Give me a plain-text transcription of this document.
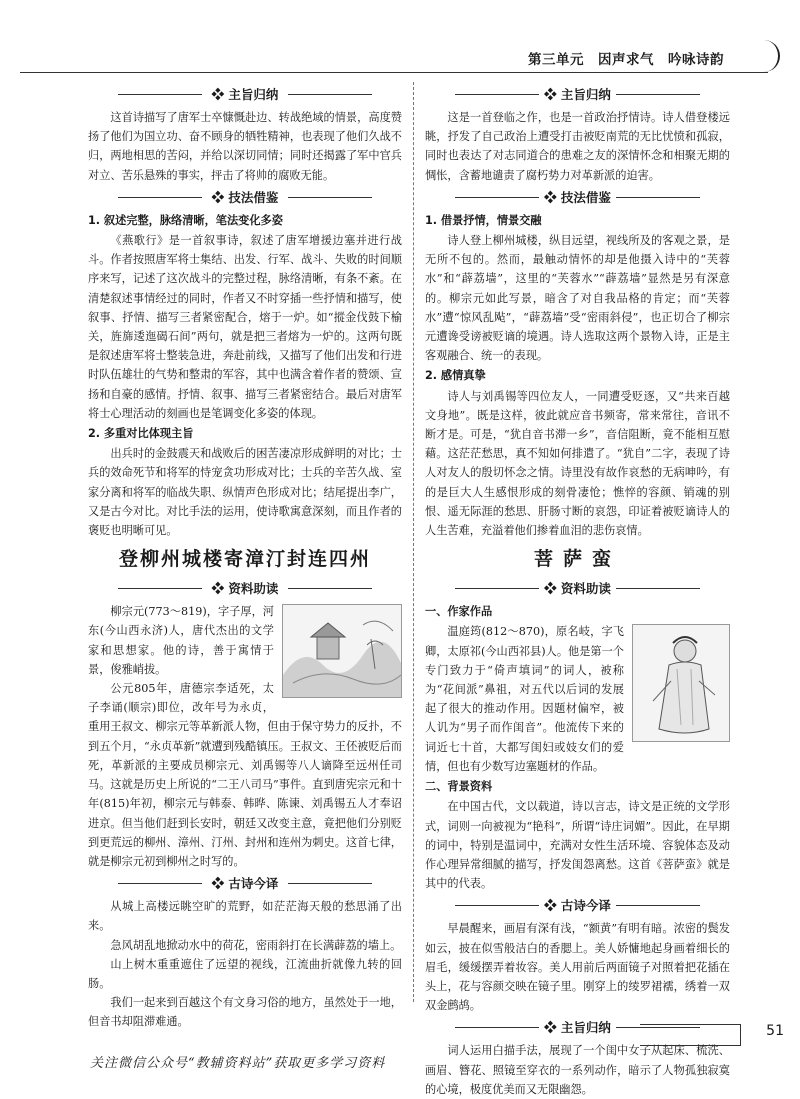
第三单元　因声求气　吟咏诗韵
❖ 主旨归纳

这首诗描写了唐军士卒慷慨赴边、转战绝域的情景，高度赞扬了他们为国立功、奋不顾身的牺牲精神，也表现了他们久战不归，两地相思的苦闷，并给以深切同情；同时还揭露了军中官兵对立、苦乐悬殊的事实，抨击了将帅的腐败无能。

❖ 技法借鉴
1. 叙述完整，脉络清晰，笔法变化多姿

《燕歌行》是一首叙事诗，叙述了唐军增援边塞并进行战斗。作者按照唐军将士集结、出发、行军、战斗、失败的时间顺序来写，记述了这次战斗的完整过程，脉络清晰，有条不紊。在清楚叙述事情经过的同时，作者又不时穿插一些抒情和描写，使叙事、抒情、描写三者紧密配合，熔于一炉。如“摐金伐鼓下榆关，旌旆逶迤碣石间”两句，就是把三者熔为一炉的。这两句既是叙述唐军将士整装急进，奔赴前线，又描写了他们出发和行进时队伍雄壮的气势和整肃的军容，其中也满含着作者的赞颂、宣扬和自豪的感情。抒情、叙事、描写三者紧密结合。最后对唐军将士心理活动的刻画也是笔调变化多姿的体现。

2. 多重对比体现主旨

出兵时的金鼓震天和战败后的困苦凄凉形成鲜明的对比；士兵的效命死节和将军的恃宠贪功形成对比；士兵的辛苦久战、室家分离和将军的临战失职、纵情声色形成对比；结尾提出李广，又是古今对比。对比手法的运用，使诗歌寓意深刻，而且作者的褒贬也明晰可见。

登柳州城楼寄漳汀封连四州
❖ 资料助读

柳宗元(773～819)，字子厚，河东(今山西永济)人，唐代杰出的文学家和思想家。他的诗，善于寓情于景，俊雅峭拔。

公元805年，唐德宗李适死，太子李诵(顺宗)即位，改年号为永贞，重用王叔文、柳宗元等革新派人物，但由于保守势力的反扑，不到五个月，“永贞革新”就遭到残酷镇压。王叔文、王伾被贬后而死，革新派的主要成员柳宗元、刘禹锡等八人谪降至远州任司马。这就是历史上所说的“二王八司马”事件。直到唐宪宗元和十年(815)年初，柳宗元与韩泰、韩晔、陈谏、刘禹锡五人才奉诏进京。但当他们赶到长安时，朝廷又改变主意，竟把他们分别贬到更荒远的柳州、漳州、汀州、封州和连州为刺史。这首七律，就是柳宗元初到柳州之时写的。

❖ 古诗今译

从城上高楼远眺空旷的荒野，如茫茫海天般的愁思涌了出来。

急风胡乱地掀动水中的荷花，密雨斜打在长满薜荔的墙上。

山上树木重重遮住了远望的视线，江流曲折就像九转的回肠。

我们一起来到百越这个有文身习俗的地方，虽然处于一地，但音书却阻滞难通。

❖ 主旨归纳

这是一首登临之作，也是一首政治抒情诗。诗人借登楼远眺，抒发了自己政治上遭受打击被贬南荒的无比忧愤和孤寂，同时也表达了对志同道合的患难之友的深情怀念和相聚无期的惆怅，含蓄地谴责了腐朽势力对革新派的迫害。

❖ 技法借鉴
1. 借景抒情，情景交融

诗人登上柳州城楼，纵目远望，视线所及的客观之景，是无所不包的。然而，最触动情怀的却是他摄入诗中的“芙蓉水”和“薜荔墙”，这里的“芙蓉水”“薜荔墙”显然是另有深意的。柳宗元如此写景，暗含了对自我品格的肯定；而“芙蓉水”遭“惊风乱飐”，“薜荔墙”受“密雨斜侵”，也正切合了柳宗元遭谗受谤被贬谪的境遇。诗人选取这两个景物入诗，正是主客观融合、统一的表现。

2. 感情真挚

诗人与刘禹锡等四位友人，一同遭受贬逐，又“共来百越文身地”。既是这样，彼此就应音书频寄，常来常往，音讯不断才是。可是，“犹自音书滞一乡”，音信阻断，竟不能相互慰藉。这茫茫愁思，真不知如何排遣了。“犹自”二字，表现了诗人对友人的殷切怀念之情。诗里没有故作哀愁的无病呻吟，有的是巨大人生感恨形成的刻骨凄怆；憔悴的容颜、销魂的别恨、遥无际涯的愁思、肝肠寸断的哀怨，印证着被贬谪诗人的人生苦难，充溢着他们掺着血泪的悲伤哀情。

菩萨蛮
❖ 资料助读
一、作家作品

温庭筠(812～870)，原名岐，字飞卿，太原祁(今山西祁县)人。他是第一个专门致力于“倚声填词”的词人，被称为“花间派”鼻祖，对五代以后词的发展起了很大的推动作用。因题材偏窄，被人讥为“男子而作闺音”。他流传下来的词近七十首，大都写闺妇或妓女们的爱情，但也有少数写边塞题材的作品。

二、背景资料

在中国古代，文以载道，诗以言志，诗文是正统的文学形式，词则一向被视为“艳科”，所谓“诗庄词媚”。因此，在早期的词中，特别是温词中，充满对女性生活环境、容貌体态及动作心理异常细腻的描写，抒发闺怨离愁。这首《菩萨蛮》就是其中的代表。

❖ 古诗今译

早晨醒来，画眉有深有浅，“额黄”有明有暗。浓密的鬓发如云，披在似雪般洁白的香腮上。美人娇慵地起身画着细长的眉毛，缓缓摆弄着妆容。美人用前后两面镜子对照着把花插在头上，花与容颜交映在镜子里。刚穿上的绫罗裙襦，绣着一双双金鹧鸪。

❖ 主旨归纳

词人运用白描手法，展现了一个闺中女子从起床、梳洗、画眉、簪花、照镜至穿衣的一系列动作，暗示了人物孤独寂寞的心境，极度优美而又无限幽怨。

51
关注微信公众号“教辅资料站”获取更多学习资料
